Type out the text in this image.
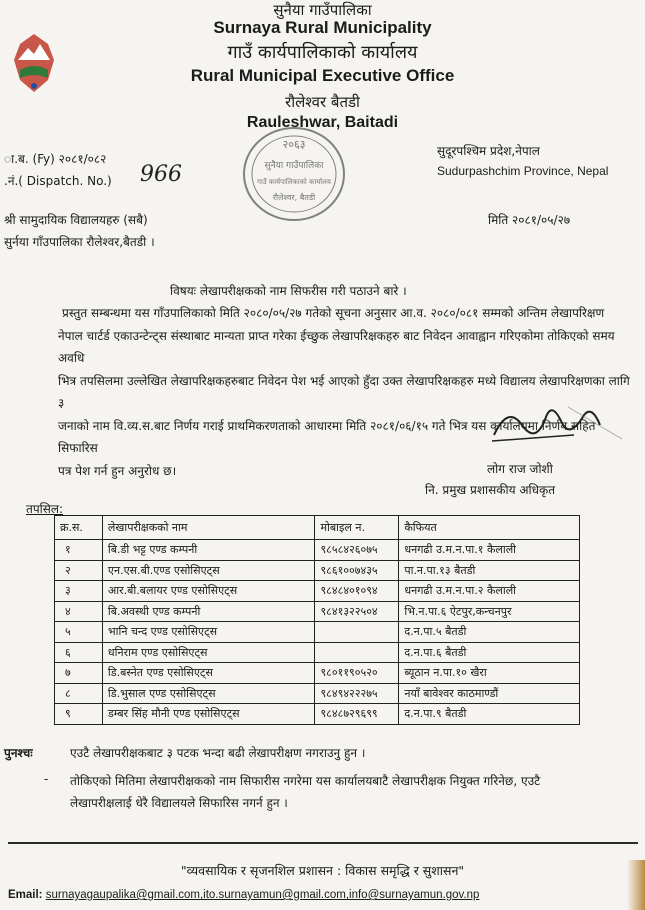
सुनैया गाउँपालिका
Surnaya Rural Municipality
गाउँ कार्यपालिकाको कार्यालय
Rural Municipal Executive Office
रौलेश्वर बैतडी
Rauleshwar, Baitadi
ा.ब. (Fy) २०८१/०८२
.नं.( Dispatch. No.) 966
सुदूरपश्चिम प्रदेश,नेपाल
Sudurpashchim Province, Nepal
२०६३
सुनैया गाउँपालिका
गाउँ कार्यपालिकाको कार्यालय
रौलेश्वर, बैतडी
श्री सामुदायिक विद्यालयहरु (सबै)
सुर्नया गाँउपालिका रौलेश्वर,बैतडी ।
मिति २०८१/०५/२७
विषयः लेखापरीक्षकको नाम सिफरीस गरी पठाउने बारे ।
प्रस्तुत सम्बन्धमा यस गाँउपालिकाको मिति २०८०/०५/२७ गतेको सूचना अनुसार आ.व. २०८०/०८१ सम्मको अन्तिम लेखापरिक्षण
नेपाल चार्टर्ड एकाउन्टेन्ट्स संस्थाबाट मान्यता प्राप्त गरेका ईच्छुक लेखापरिक्षकहरु बाट निवेदन आवाह्वान गरिएकोमा तोकिएको समय अवधि
भित्र तपसिलमा उल्लेखित लेखापरिक्षकहरुबाट निवेदन पेश भई आएको हुँदा उक्त लेखापरिक्षकहरु मध्ये विद्यालय लेखापरिक्षणका लागि ३
जनाको नाम वि.व्य.स.बाट निर्णय गराई प्राथमिकरणताको आधारमा मिति २०८१/०६/१५ गते भित्र यस कार्यालयमा निर्णय सहित सिफारिस
पत्र पेश गर्न हुन अनुरोध छ।	लोग राज जोशी
नि. प्रमुख प्रशासकीय अधिकृत
तपसिल:
क्र.स.	लेखापरीक्षकको नाम	मोबाइल न.	कैफियत
१	बि.डी भट्ट एण्ड कम्पनी	९८५८४२६०७५	धनगढी उ.म.न.पा.१ कैलाली
२	एन.एस.बी.एण्ड एसोसिएट्स	९८६१००७४३५	पा.न.पा.१३ बैतडी
३	आर.बी.बलायर एण्ड एसोसिएट्स	९८४८४०१०९४	धनगढी उ.म.न.पा.२ कैलाली
४	बि.अवस्थी एण्ड कम्पनी	९८४१३२२५०४	भि.न.पा.६ ऐटपुर,कन्चनपुर
५	भानि चन्द एण्ड एसोसिएट्स		द.न.पा.५ बैतडी
६	धनिराम एण्ड एसोसिएट्स		द.न.पा.६ बैतडी
७	डि.बस्नेत एण्ड एसोसिएट्स	९८०११९०५२०	ब्यूठान न.पा.१० खैरा
८	डि.भुसाल एण्ड एसोसिएट्स	९८४९४२२२७५	नयाँ बावेश्वर काठमाण्डौं
९	डम्बर सिंह मौनी एण्ड एसोसिएट्स	९८४८७२९६९९	द.न.पा.९ बैतडी
पुनश्चः	एउटै लेखापरीक्षकबाट ३ पटक भन्दा बढी लेखापरीक्षण नगराउनु हुन ।
- तोकिएको मितिमा लेखापरीक्षकको नाम सिफारीस नगरेमा यस कार्यालयबाटै लेखापरीक्षक नियुक्त गरिनेछ, एउटै
लेखापरीक्षलाई धेरै विद्यालयले सिफारिस नगर्न हुन ।
"व्यवसायिक र सृजनशिल प्रशासन : विकास समृद्धि र सुशासन"
Email: surnayagaupalika@gmail.com,ito.surnayamun@gmail.com,info@surnayamun.gov.np
